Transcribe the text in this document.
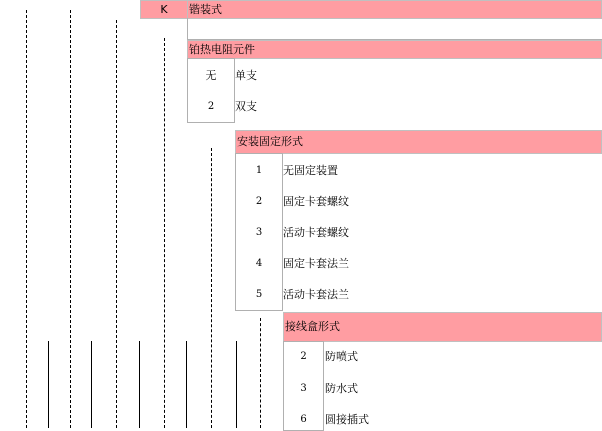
K	锴装式
铂热电阻元件
无	单支
2	双支
安装固定形式
1	无固定装置
2	固定卡套螺纹
3	活动卡套螺纹
4	固定卡套法兰
5	活动卡套法兰
接线盒形式
2	防喷式
3	防水式
6	圆接插式
